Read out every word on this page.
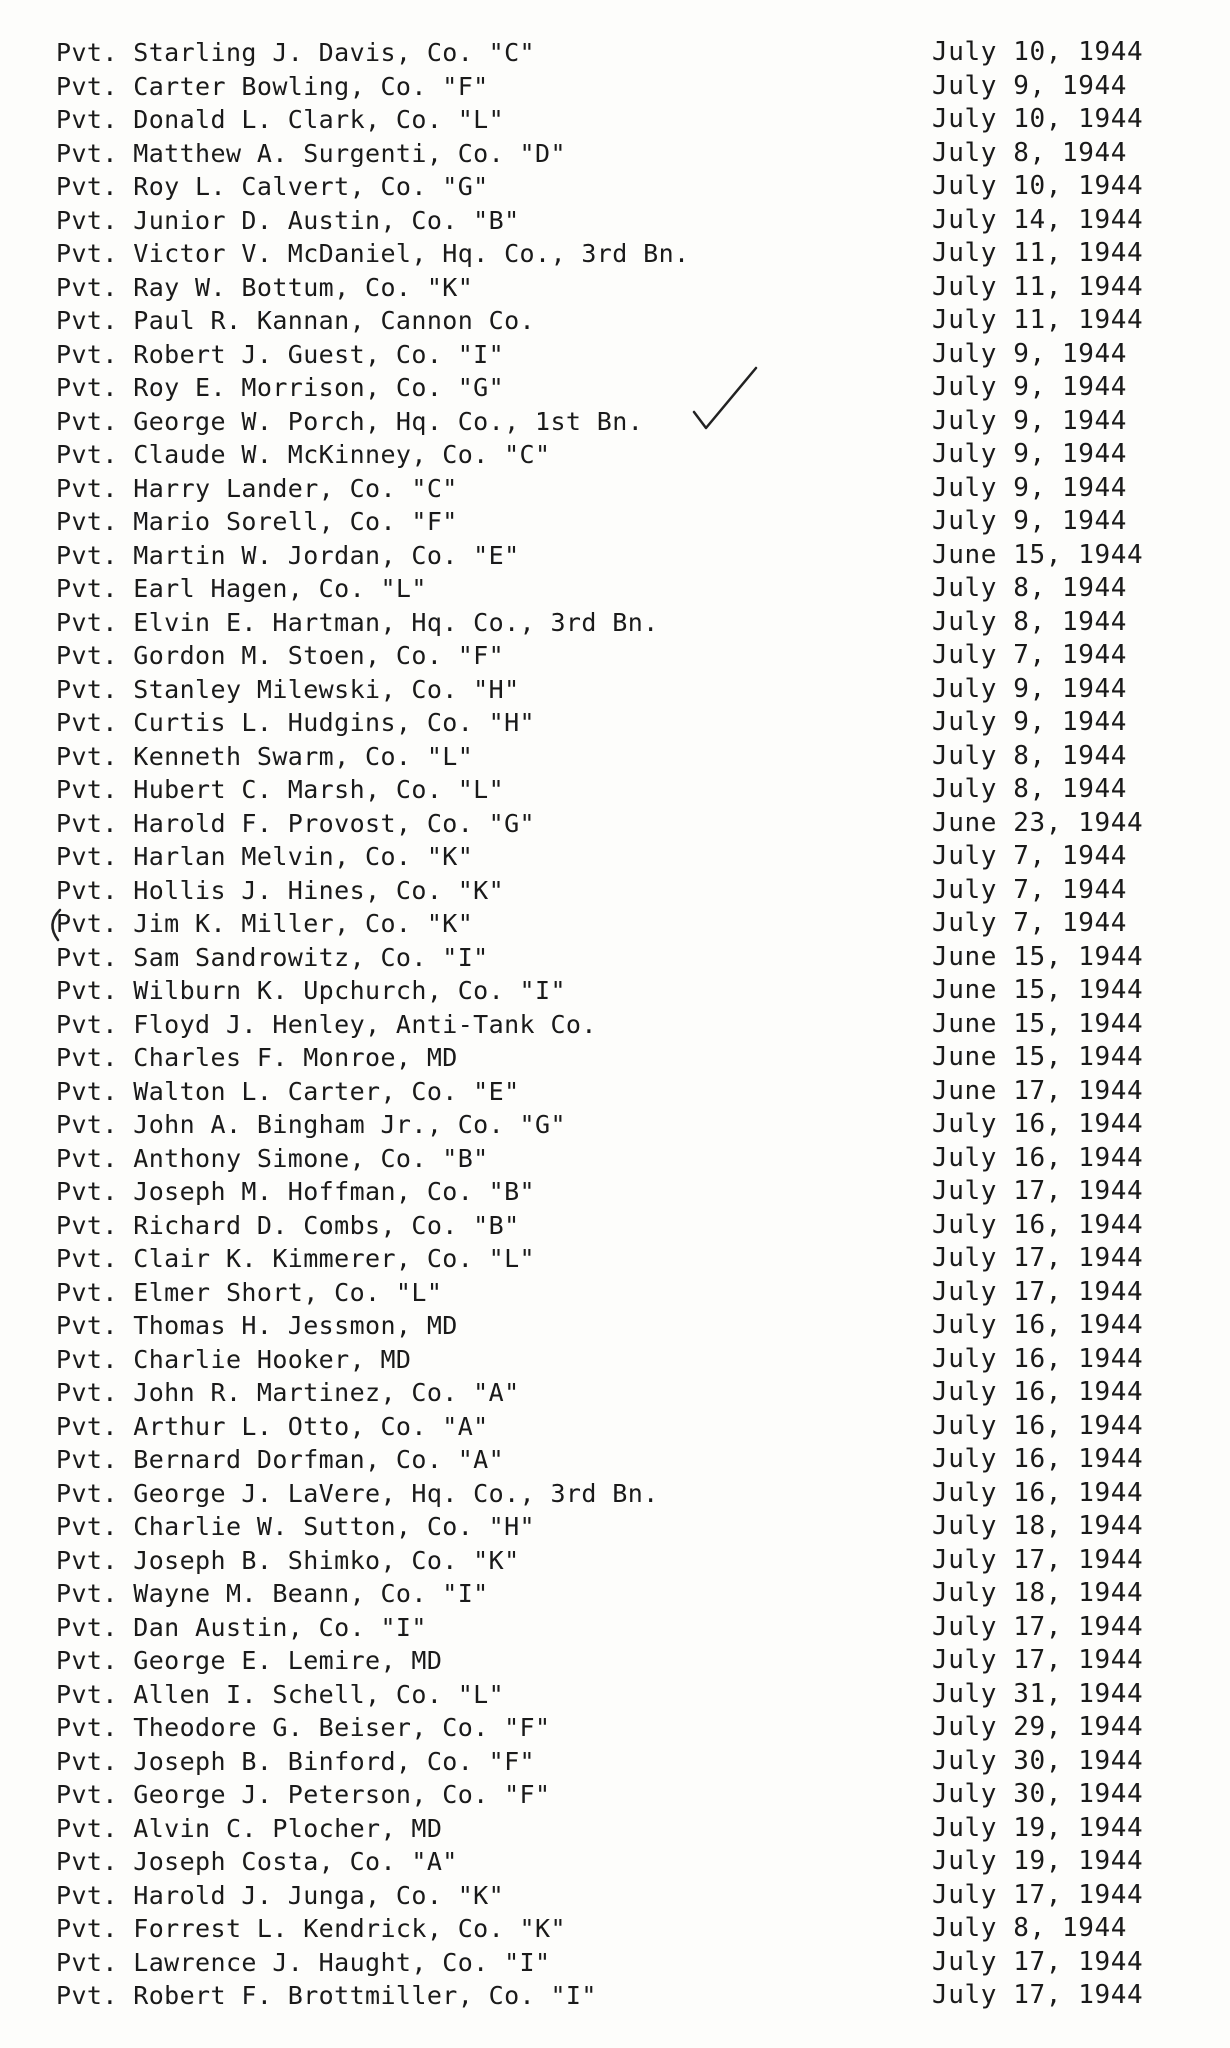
Pvt. Starling J. Davis, Co. "C"	July 10, 1944
Pvt. Carter Bowling, Co. "F"	July 9, 1944
Pvt. Donald L. Clark, Co. "L"	July 10, 1944
Pvt. Matthew A. Surgenti, Co. "D"	July 8, 1944
Pvt. Roy L. Calvert, Co. "G"	July 10, 1944
Pvt. Junior D. Austin, Co. "B"	July 14, 1944
Pvt. Victor V. McDaniel, Hq. Co., 3rd Bn.	July 11, 1944
Pvt. Ray W. Bottum, Co. "K"	July 11, 1944
Pvt. Paul R. Kannan, Cannon Co.	July 11, 1944
Pvt. Robert J. Guest, Co. "I"	July 9, 1944
Pvt. Roy E. Morrison, Co. "G"	July 9, 1944
Pvt. George W. Porch, Hq. Co., 1st Bn.	July 9, 1944
Pvt. Claude W. McKinney, Co. "C"	July 9, 1944
Pvt. Harry Lander, Co. "C"	July 9, 1944
Pvt. Mario Sorell, Co. "F"	July 9, 1944
Pvt. Martin W. Jordan, Co. "E"	June 15, 1944
Pvt. Earl Hagen, Co. "L"	July 8, 1944
Pvt. Elvin E. Hartman, Hq. Co., 3rd Bn.	July 8, 1944
Pvt. Gordon M. Stoen, Co. "F"	July 7, 1944
Pvt. Stanley Milewski, Co. "H"	July 9, 1944
Pvt. Curtis L. Hudgins, Co. "H"	July 9, 1944
Pvt. Kenneth Swarm, Co. "L"	July 8, 1944
Pvt. Hubert C. Marsh, Co. "L"	July 8, 1944
Pvt. Harold F. Provost, Co. "G"	June 23, 1944
Pvt. Harlan Melvin, Co. "K"	July 7, 1944
Pvt. Hollis J. Hines, Co. "K"	July 7, 1944
Pvt. Jim K. Miller, Co. "K"	July 7, 1944
Pvt. Sam Sandrowitz, Co. "I"	June 15, 1944
Pvt. Wilburn K. Upchurch, Co. "I"	June 15, 1944
Pvt. Floyd J. Henley, Anti-Tank Co.	June 15, 1944
Pvt. Charles F. Monroe, MD	June 15, 1944
Pvt. Walton L. Carter, Co. "E"	June 17, 1944
Pvt. John A. Bingham Jr., Co. "G"	July 16, 1944
Pvt. Anthony Simone, Co. "B"	July 16, 1944
Pvt. Joseph M. Hoffman, Co. "B"	July 17, 1944
Pvt. Richard D. Combs, Co. "B"	July 16, 1944
Pvt. Clair K. Kimmerer, Co. "L"	July 17, 1944
Pvt. Elmer Short, Co. "L"	July 17, 1944
Pvt. Thomas H. Jessmon, MD	July 16, 1944
Pvt. Charlie Hooker, MD	July 16, 1944
Pvt. John R. Martinez, Co. "A"	July 16, 1944
Pvt. Arthur L. Otto, Co. "A"	July 16, 1944
Pvt. Bernard Dorfman, Co. "A"	July 16, 1944
Pvt. George J. LaVere, Hq. Co., 3rd Bn.	July 16, 1944
Pvt. Charlie W. Sutton, Co. "H"	July 18, 1944
Pvt. Joseph B. Shimko, Co. "K"	July 17, 1944
Pvt. Wayne M. Beann, Co. "I"	July 18, 1944
Pvt. Dan Austin, Co. "I"	July 17, 1944
Pvt. George E. Lemire, MD	July 17, 1944
Pvt. Allen I. Schell, Co. "L"	July 31, 1944
Pvt. Theodore G. Beiser, Co. "F"	July 29, 1944
Pvt. Joseph B. Binford, Co. "F"	July 30, 1944
Pvt. George J. Peterson, Co. "F"	July 30, 1944
Pvt. Alvin C. Plocher, MD	July 19, 1944
Pvt. Joseph Costa, Co. "A"	July 19, 1944
Pvt. Harold J. Junga, Co. "K"	July 17, 1944
Pvt. Forrest L. Kendrick, Co. "K"	July 8, 1944
Pvt. Lawrence J. Haught, Co. "I"	July 17, 1944
Pvt. Robert F. Brottmiller, Co. "I"	July 17, 1944
